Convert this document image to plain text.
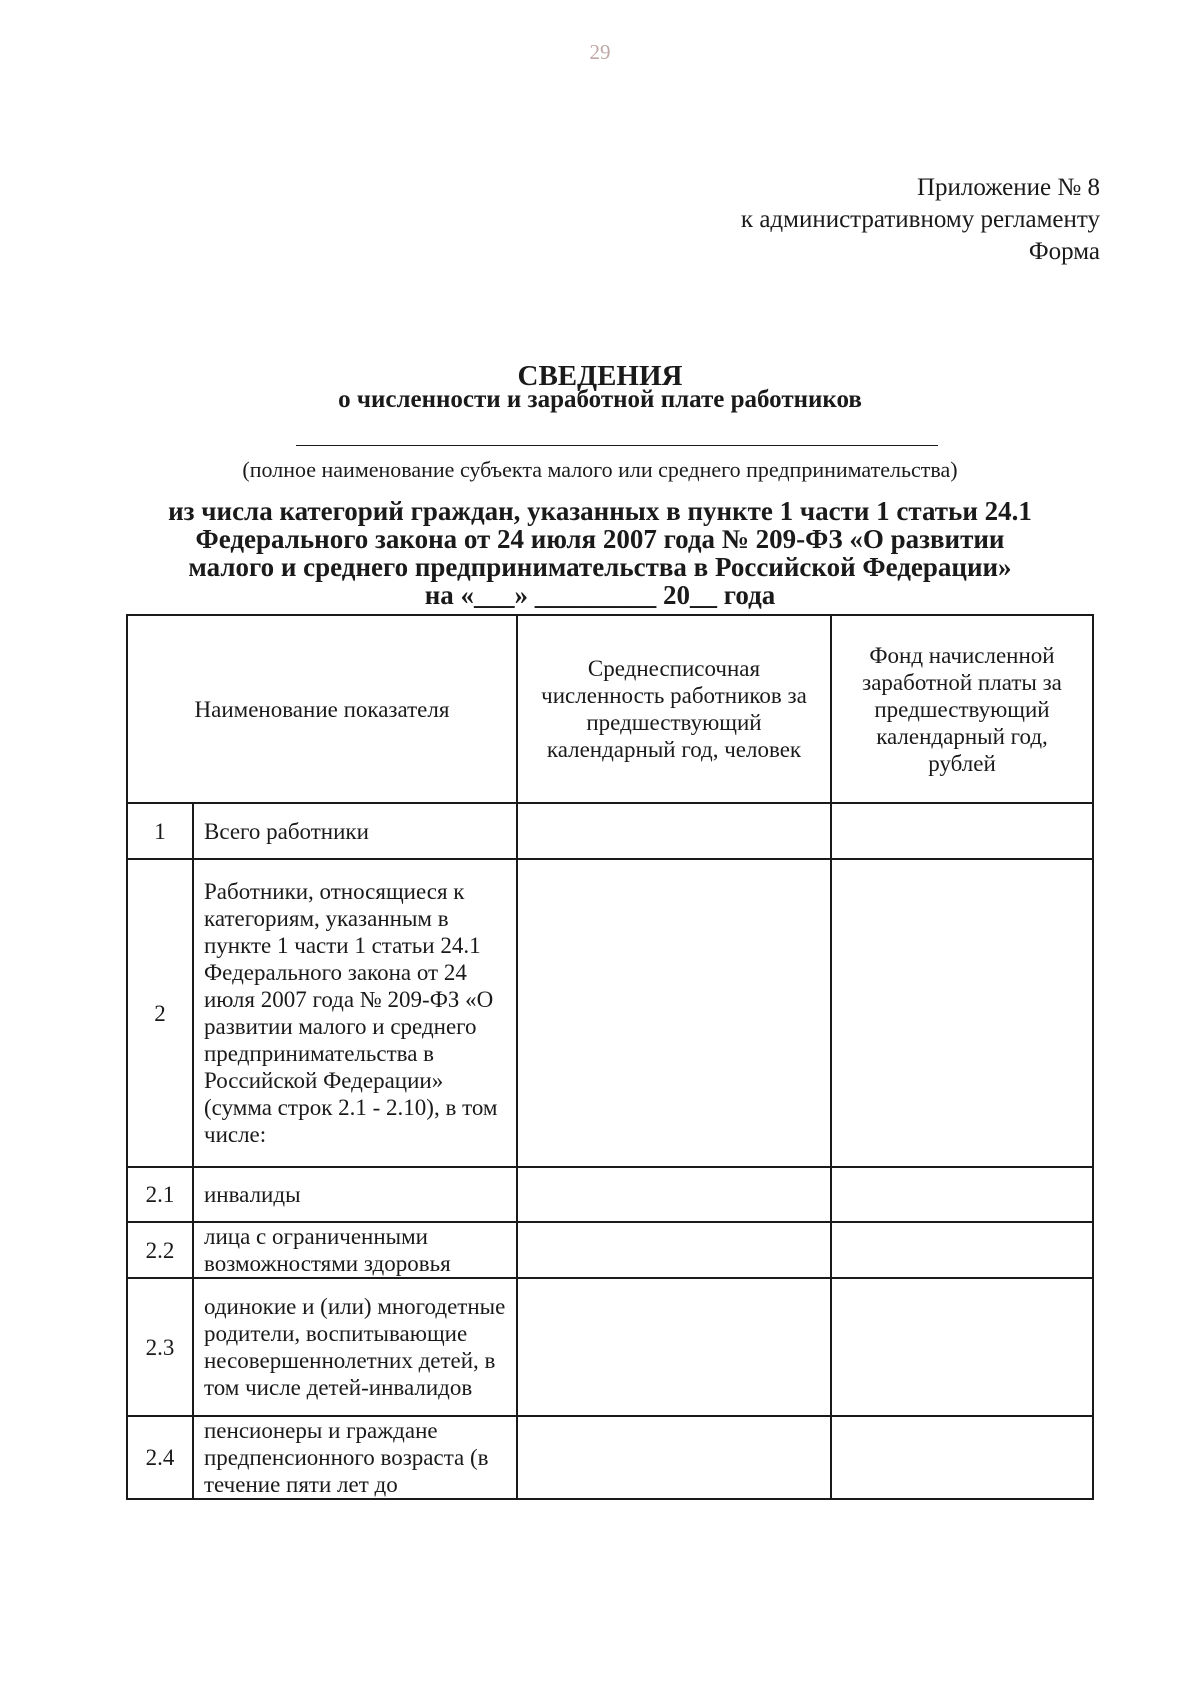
29
Приложение № 8
к административному регламенту
Форма
СВЕДЕНИЯ
о численности и заработной плате работников
(полное наименование субъекта малого или среднего предпринимательства)
из числа категорий граждан, указанных в пункте 1 части 1 статьи 24.1
Федерального закона от 24 июля 2007 года № 209-ФЗ «О развитии
малого и среднего предпринимательства в Российской Федерации»
на «___» _________ 20__ года
Наименование показателя		Среднесписочная численность работников за предшествующий календарный год, человек	Фонд начисленной заработной платы за предшествующий календарный год, рублей
1	Всего работники		
2	Работники, относящиеся к категориям, указанным в пункте 1 части 1 статьи 24.1 Федерального закона от 24 июля 2007 года № 209-ФЗ «О развитии малого и среднего предпринимательства в Российской Федерации» (сумма строк 2.1 - 2.10), в том числе:		
2.1	инвалиды		
2.2	лица с ограниченными возможностями здоровья		
2.3	одинокие и (или) многодетные родители, воспитывающие несовершеннолетних детей, в том числе детей-инвалидов		
2.4	пенсионеры и граждане предпенсионного возраста (в течение пяти лет до		
